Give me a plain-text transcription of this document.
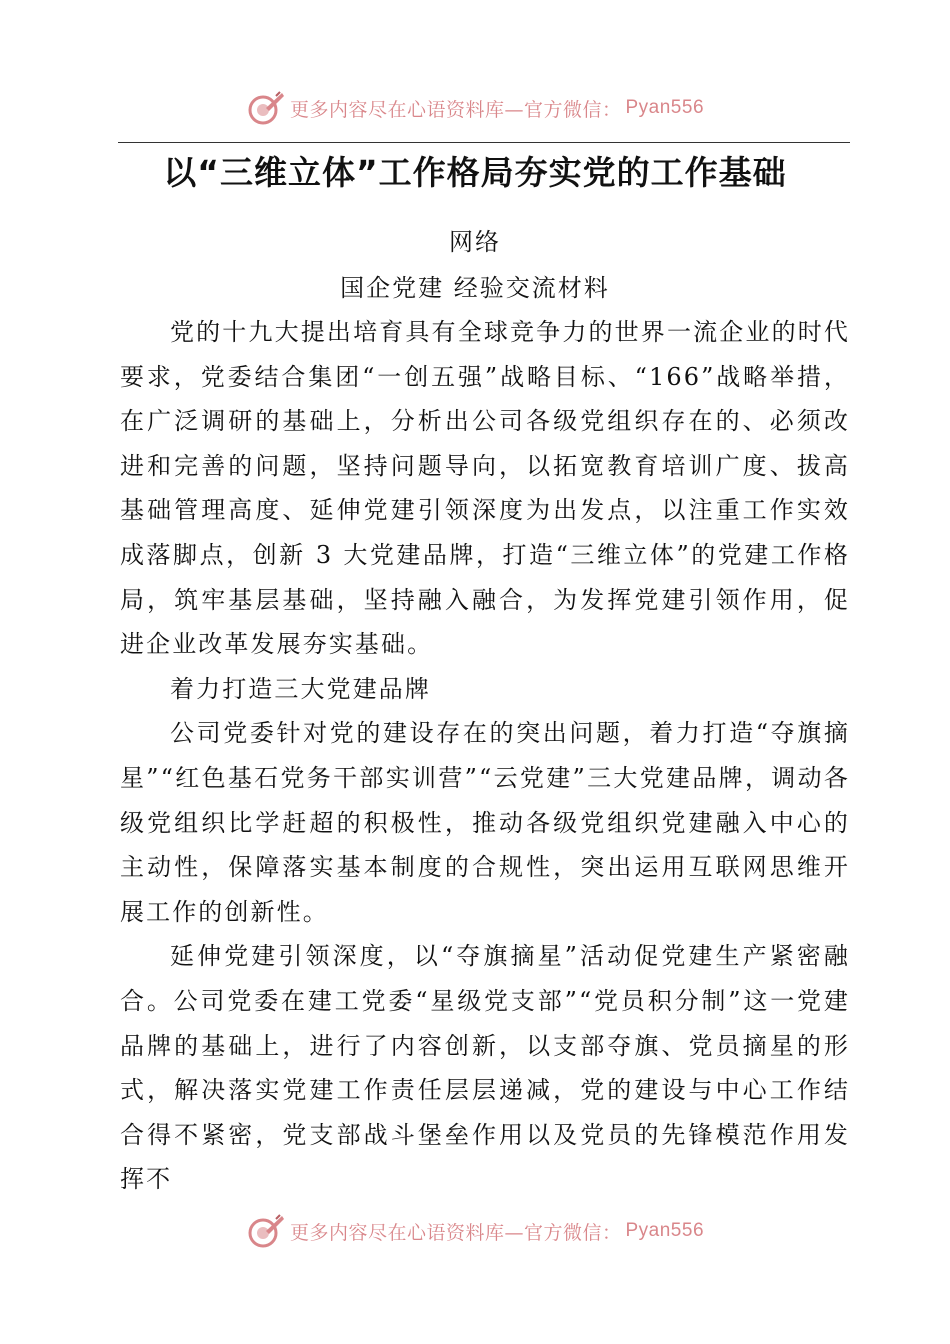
更多内容尽在心语资料库—官方微信： Pyan556
以“三维立体”工作格局夯实党的工作基础
网络
国企党建 经验交流材料

党的十九大提出培育具有全球竞争力的世界一流企业的时代要求，党委结合集团“一创五强”战略目标、“166”战略举措，在广泛调研的基础上，分析出公司各级党组织存在的、必须改进和完善的问题，坚持问题导向，以拓宽教育培训广度、拔高基础管理高度、延伸党建引领深度为出发点，以注重工作实效成落脚点，创新 3 大党建品牌，打造“三维立体”的党建工作格局，筑牢基层基础，坚持融入融合，为发挥党建引领作用，促进企业改革发展夯实基础。

着力打造三大党建品牌

公司党委针对党的建设存在的突出问题，着力打造“夺旗摘星”“红色基石党务干部实训营”“云党建”三大党建品牌，调动各级党组织比学赶超的积极性，推动各级党组织党建融入中心的主动性，保障落实基本制度的合规性，突出运用互联网思维开展工作的创新性。

延伸党建引领深度，以“夺旗摘星”活动促党建生产紧密融合。公司党委在建工党委“星级党支部”“党员积分制”这一党建品牌的基础上，进行了内容创新，以支部夺旗、党员摘星的形式，解决落实党建工作责任层层递减，党的建设与中心工作结合得不紧密，党支部战斗堡垒作用以及党员的先锋模范作用发挥不

更多内容尽在心语资料库—官方微信： Pyan556
